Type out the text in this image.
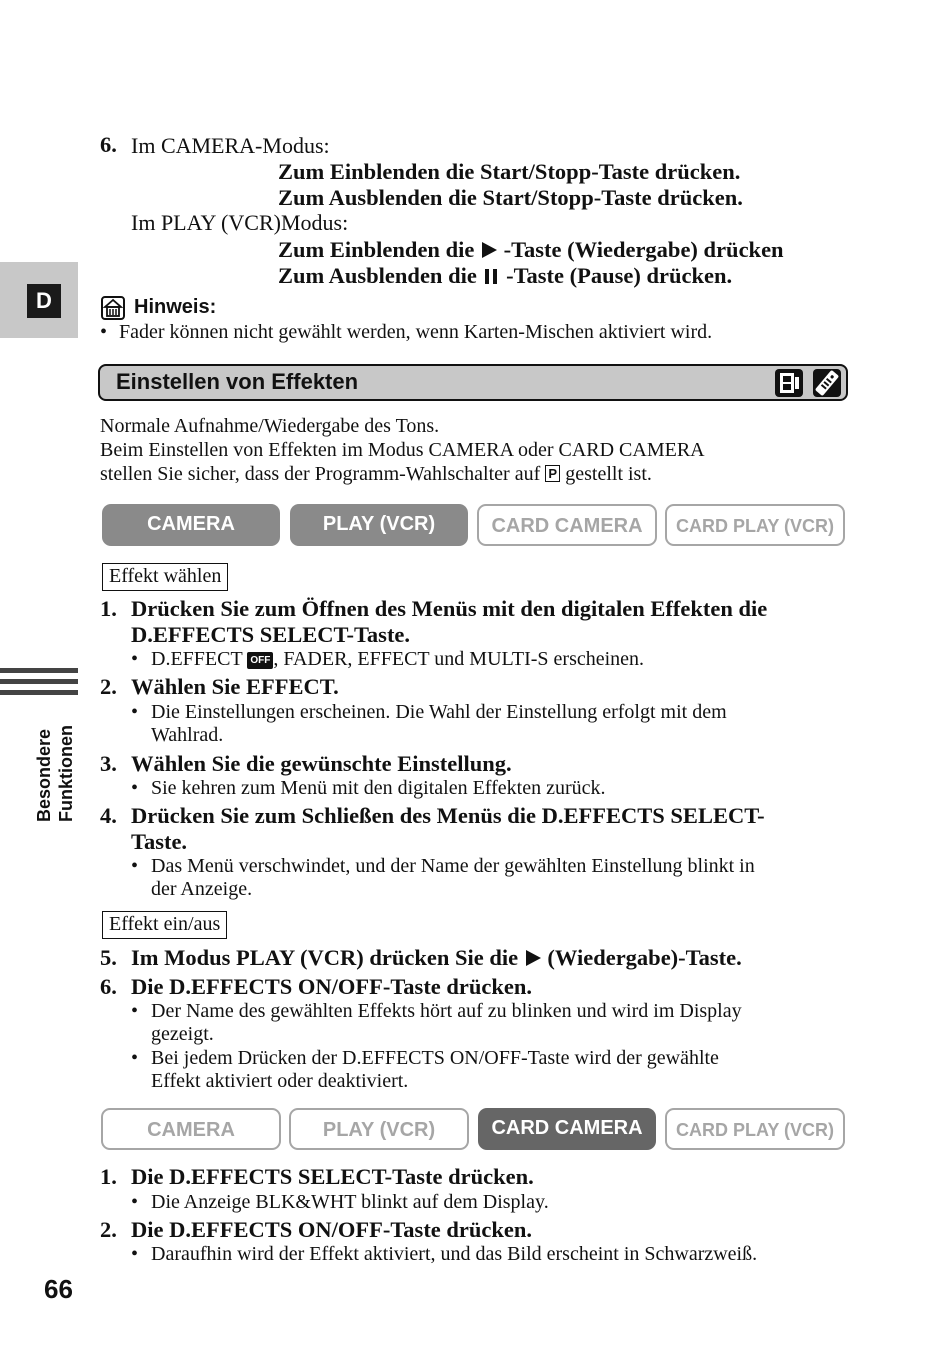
D
Besondere Funktionen
6. Im CAMERA-Modus:
Zum Einblenden die Start/Stopp-Taste drücken.
Zum Ausblenden die Start/Stopp-Taste drücken.
Im PLAY (VCR)Modus:
Zum Einblenden die -Taste (Wiedergabe) drücken
Zum Ausblenden die -Taste (Pause) drücken.
Hinweis:
• Fader können nicht gewählt werden, wenn Karten-Mischen aktiviert wird.
Einstellen von Effekten
Normale Aufnahme/Wiedergabe des Tons.
Beim Einstellen von Effekten im Modus CAMERA oder CARD CAMERA
stellen Sie sicher, dass der Programm-Wahlschalter auf P gestellt ist.
CAMERA	PLAY (VCR)	CARD CAMERA	CARD PLAY (VCR)
Effekt wählen
1. Drücken Sie zum Öffnen des Menüs mit den digitalen Effekten die
D.EFFECTS SELECT-Taste.
• D.EFFECT OFF , FADER, EFFECT und MULTI-S erscheinen.
2. Wählen Sie EFFECT.
• Die Einstellungen erscheinen. Die Wahl der Einstellung erfolgt mit dem
Wahlrad.
3. Wählen Sie die gewünschte Einstellung.
• Sie kehren zum Menü mit den digitalen Effekten zurück.
4. Drücken Sie zum Schließen des Menüs die D.EFFECTS SELECT-
Taste.
• Das Menü verschwindet, und der Name der gewählten Einstellung blinkt in
der Anzeige.
Effekt ein/aus
5. Im Modus PLAY (VCR) drücken Sie die (Wiedergabe)-Taste.
6. Die D.EFFECTS ON/OFF-Taste drücken.
• Der Name des gewählten Effekts hört auf zu blinken und wird im Display
gezeigt.
• Bei jedem Drücken der D.EFFECTS ON/OFF-Taste wird der gewählte
Effekt aktiviert oder deaktiviert.
CAMERA	PLAY (VCR)	CARD CAMERA	CARD PLAY (VCR)
1. Die D.EFFECTS SELECT-Taste drücken.
• Die Anzeige BLK&WHT blinkt auf dem Display.
2. Die D.EFFECTS ON/OFF-Taste drücken.
• Daraufhin wird der Effekt aktiviert, und das Bild erscheint in Schwarzweiß.
66
